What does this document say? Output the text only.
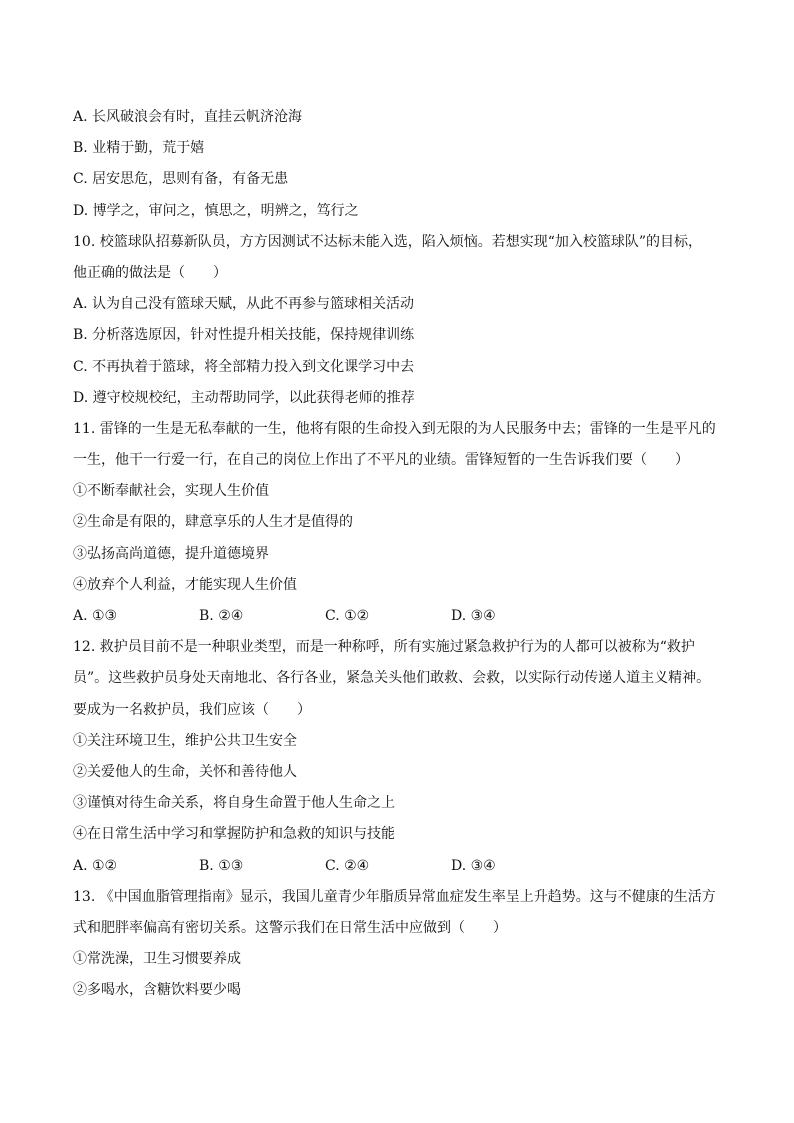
A. 长风破浪会有时，直挂云帆济沧海
B. 业精于勤，荒于嬉
C. 居安思危，思则有备，有备无患
D. 博学之，审问之，慎思之，明辨之，笃行之
10. 校篮球队招募新队员，方方因测试不达标未能入选，陷入烦恼。若想实现“加入校篮球队”的目标，
他正确的做法是（　　）
A. 认为自己没有篮球天赋，从此不再参与篮球相关活动
B. 分析落选原因，针对性提升相关技能，保持规律训练
C. 不再执着于篮球，将全部精力投入到文化课学习中去
D. 遵守校规校纪，主动帮助同学，以此获得老师的推荐
11. 雷锋的一生是无私奉献的一生，他将有限的生命投入到无限的为人民服务中去；雷锋的一生是平凡的
一生，他干一行爱一行，在自己的岗位上作出了不平凡的业绩。雷锋短暂的一生告诉我们要（　　）
①不断奉献社会，实现人生价值
②生命是有限的，肆意享乐的人生才是值得的
③弘扬高尚道德，提升道德境界
④放弃个人利益，才能实现人生价值
A. ①③	B. ②④	C. ①②	D. ③④
12. 救护员目前不是一种职业类型，而是一种称呼，所有实施过紧急救护行为的人都可以被称为“救护
员”。这些救护员身处天南地北、各行各业，紧急关头他们敢救、会救，以实际行动传递人道主义精神。
要成为一名救护员，我们应该（　　）
①关注环境卫生，维护公共卫生安全
②关爱他人的生命，关怀和善待他人
③谨慎对待生命关系，将自身生命置于他人生命之上
④在日常生活中学习和掌握防护和急救的知识与技能
A. ①②	B. ①③	C. ②④	D. ③④
13. 《中国血脂管理指南》显示，我国儿童青少年脂质异常血症发生率呈上升趋势。这与不健康的生活方
式和肥胖率偏高有密切关系。这警示我们在日常生活中应做到（　　）
①常洗澡，卫生习惯要养成
②多喝水，含糖饮料要少喝
